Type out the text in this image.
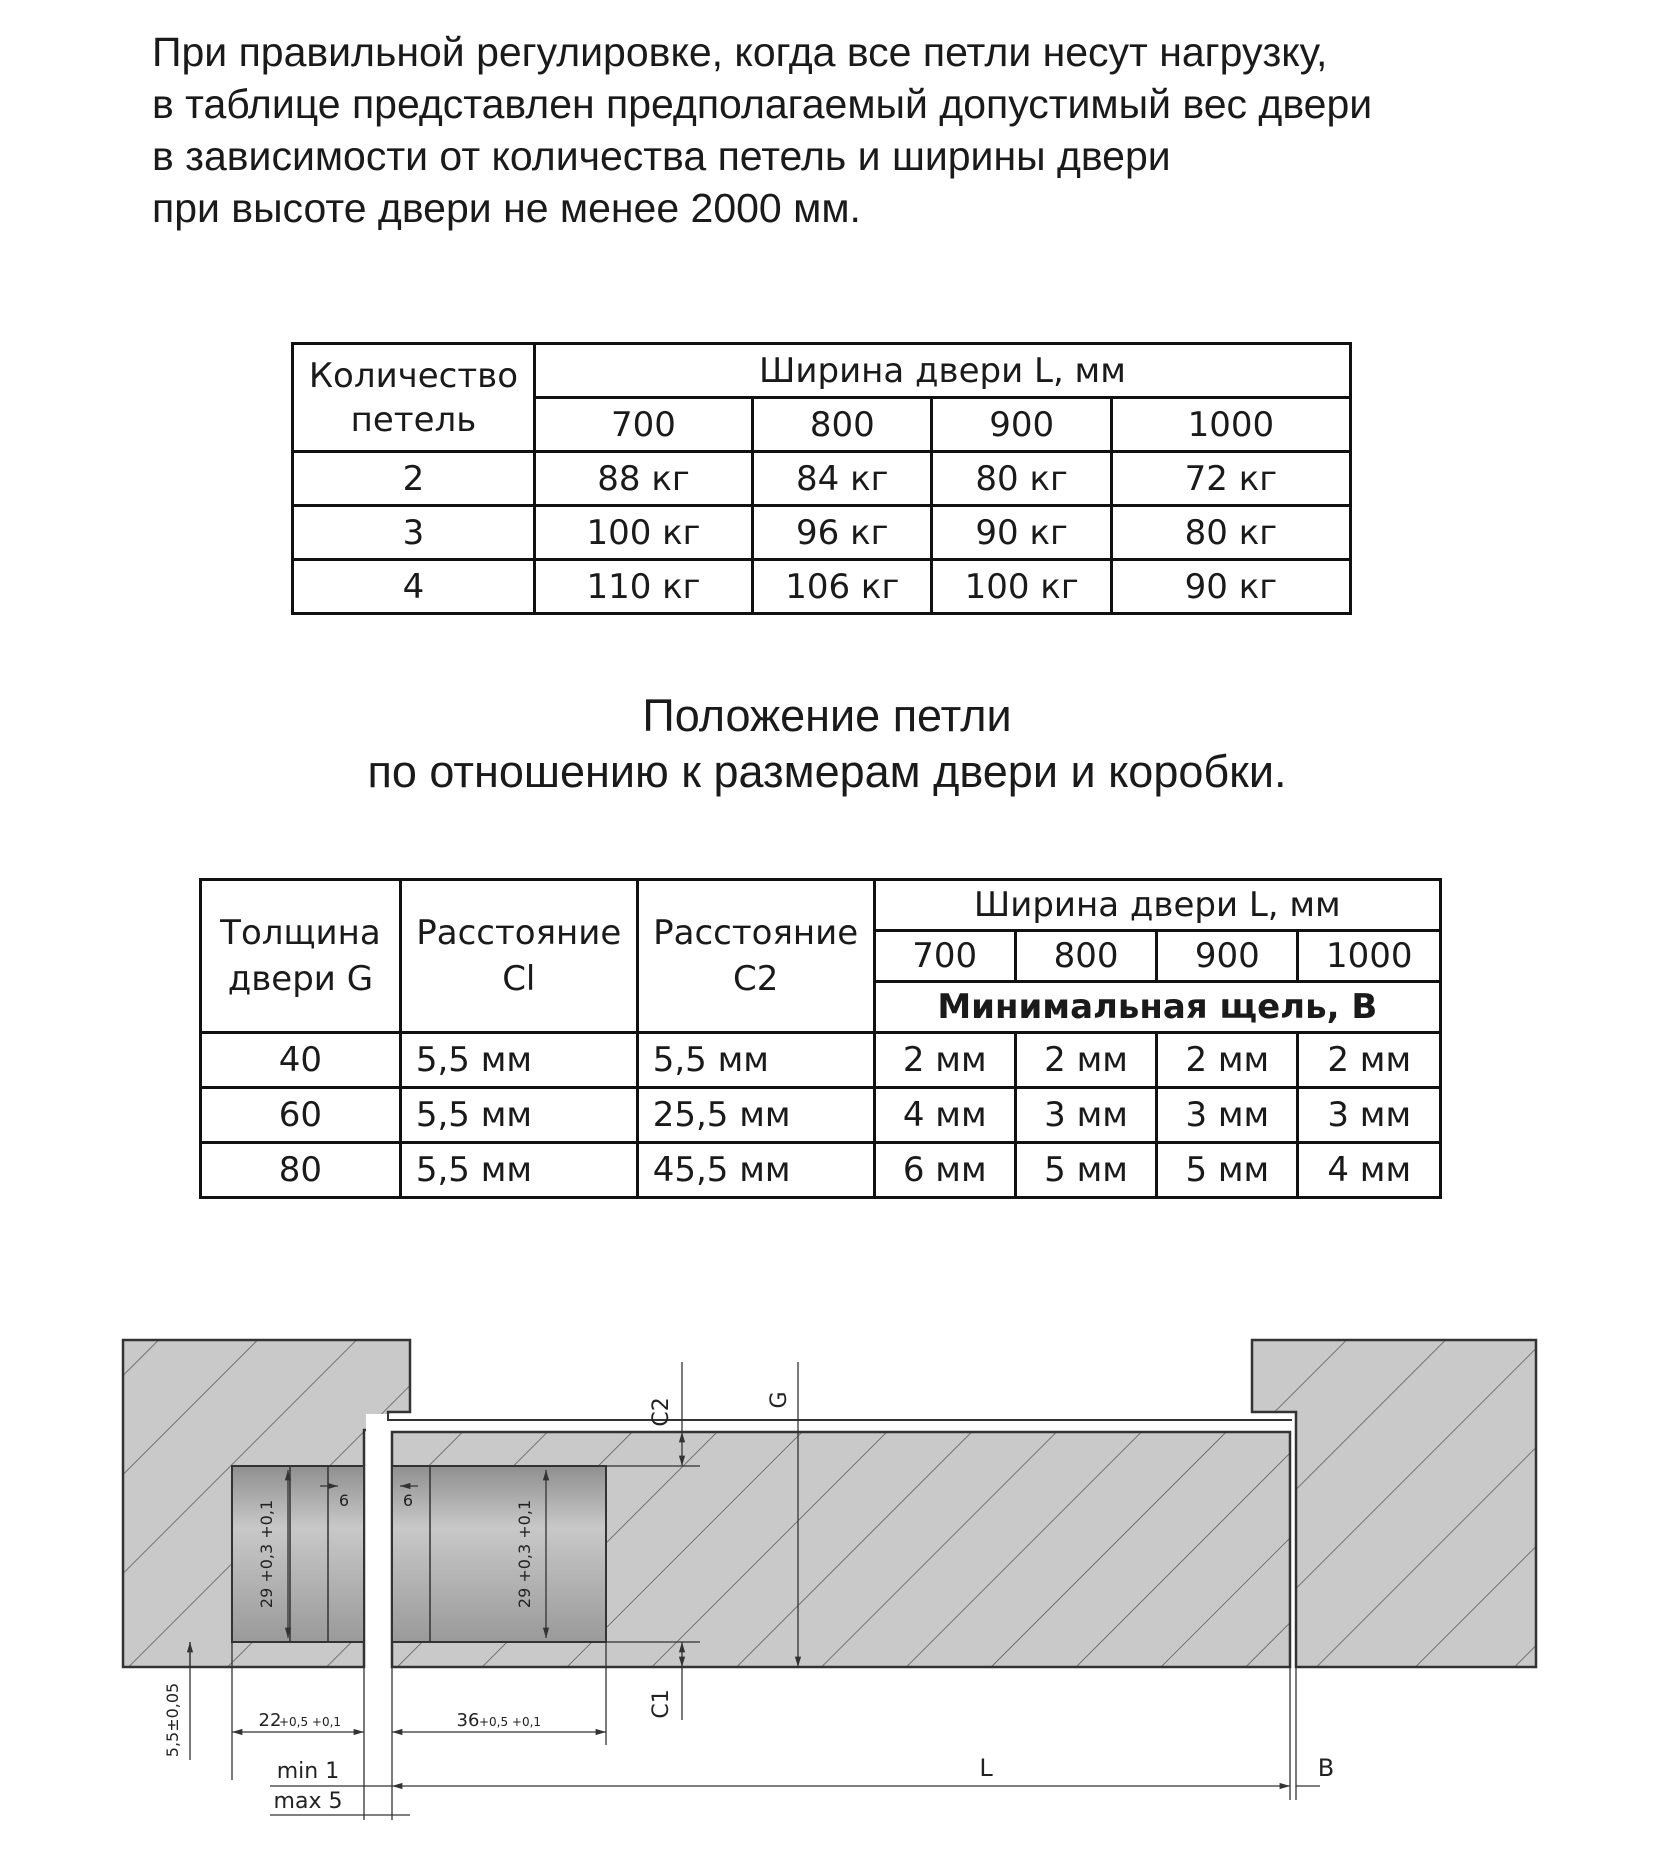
При правильной регулировке, когда все петли несут нагрузку,
в таблице представлен предполагаемый допустимый вес двери
в зависимости от количества петель и ширины двери
при высоте двери не менее 2000 мм.
Количество петель	Ширина двери L, мм			
	700	800	900	1000
2	88 кг	84 кг	80 кг	72 кг
3	100 кг	96 кг	90 кг	80 кг
4	110 кг	106 кг	100 кг	90 кг
Положение петли
по отношению к размерам двери и коробки.
Толщина двери G	Расстояние Cl	Расстояние C2	Ширина двери L, мм			
			700	800	900	1000
			Минимальная щель, B			
40	5,5 мм	5,5 мм	2 мм	2 мм	2 мм	2 мм
60	5,5 мм	25,5 мм	4 мм	3 мм	3 мм	3 мм
80	5,5 мм	45,5 мм	6 мм	5 мм	5 мм	4 мм
C2	G
C1
6	6
29 +0,3 +0,1	29 +0,3 +0,1
5,5±0,05	22
+0,5 +0,1	36 +0,5 +0,1
min 1
max 5
L	B
